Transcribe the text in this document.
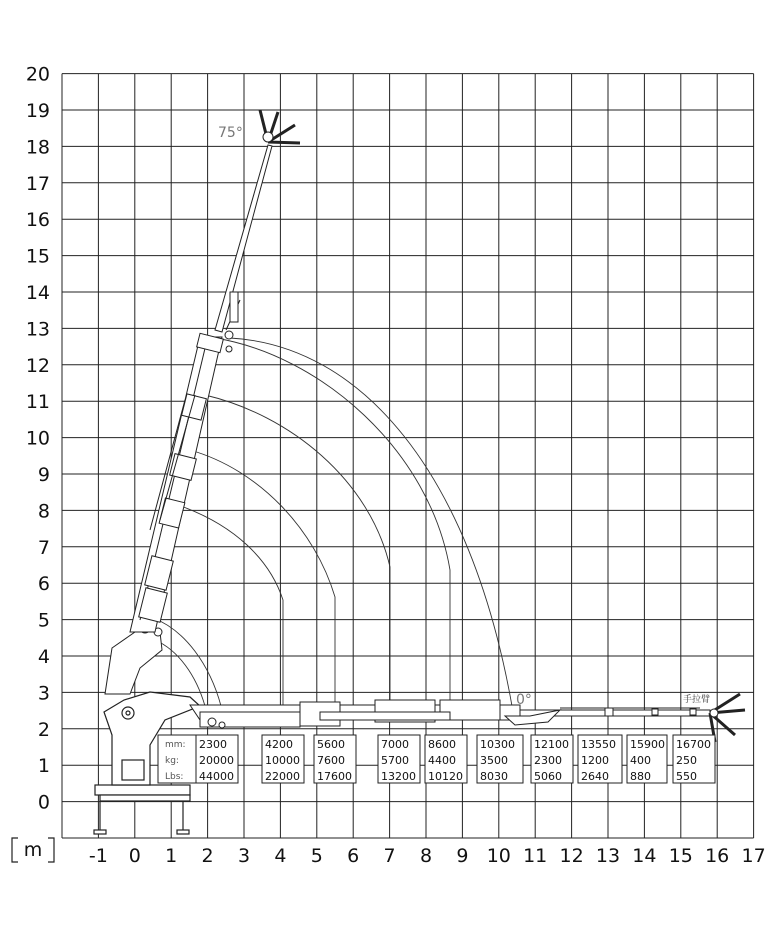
-1 0 1 2 3 4 5 6 7 8 9 10 11 12 13 14 15 16 17
0
1
2
3
4
5
6
7
8
9
10
11
12
13
14
15
16
17
18
19
20
m
75°
0°	手拉臂
mm:
kg:
Lbs:
2300
20000
44000
4200
10000
22000
5600
7600
17600
7000
5700
13200
8600
4400
10120
10300
3500
8030
12100
2300
5060
13550
1200
2640
15900
400
880
16700
250
550
